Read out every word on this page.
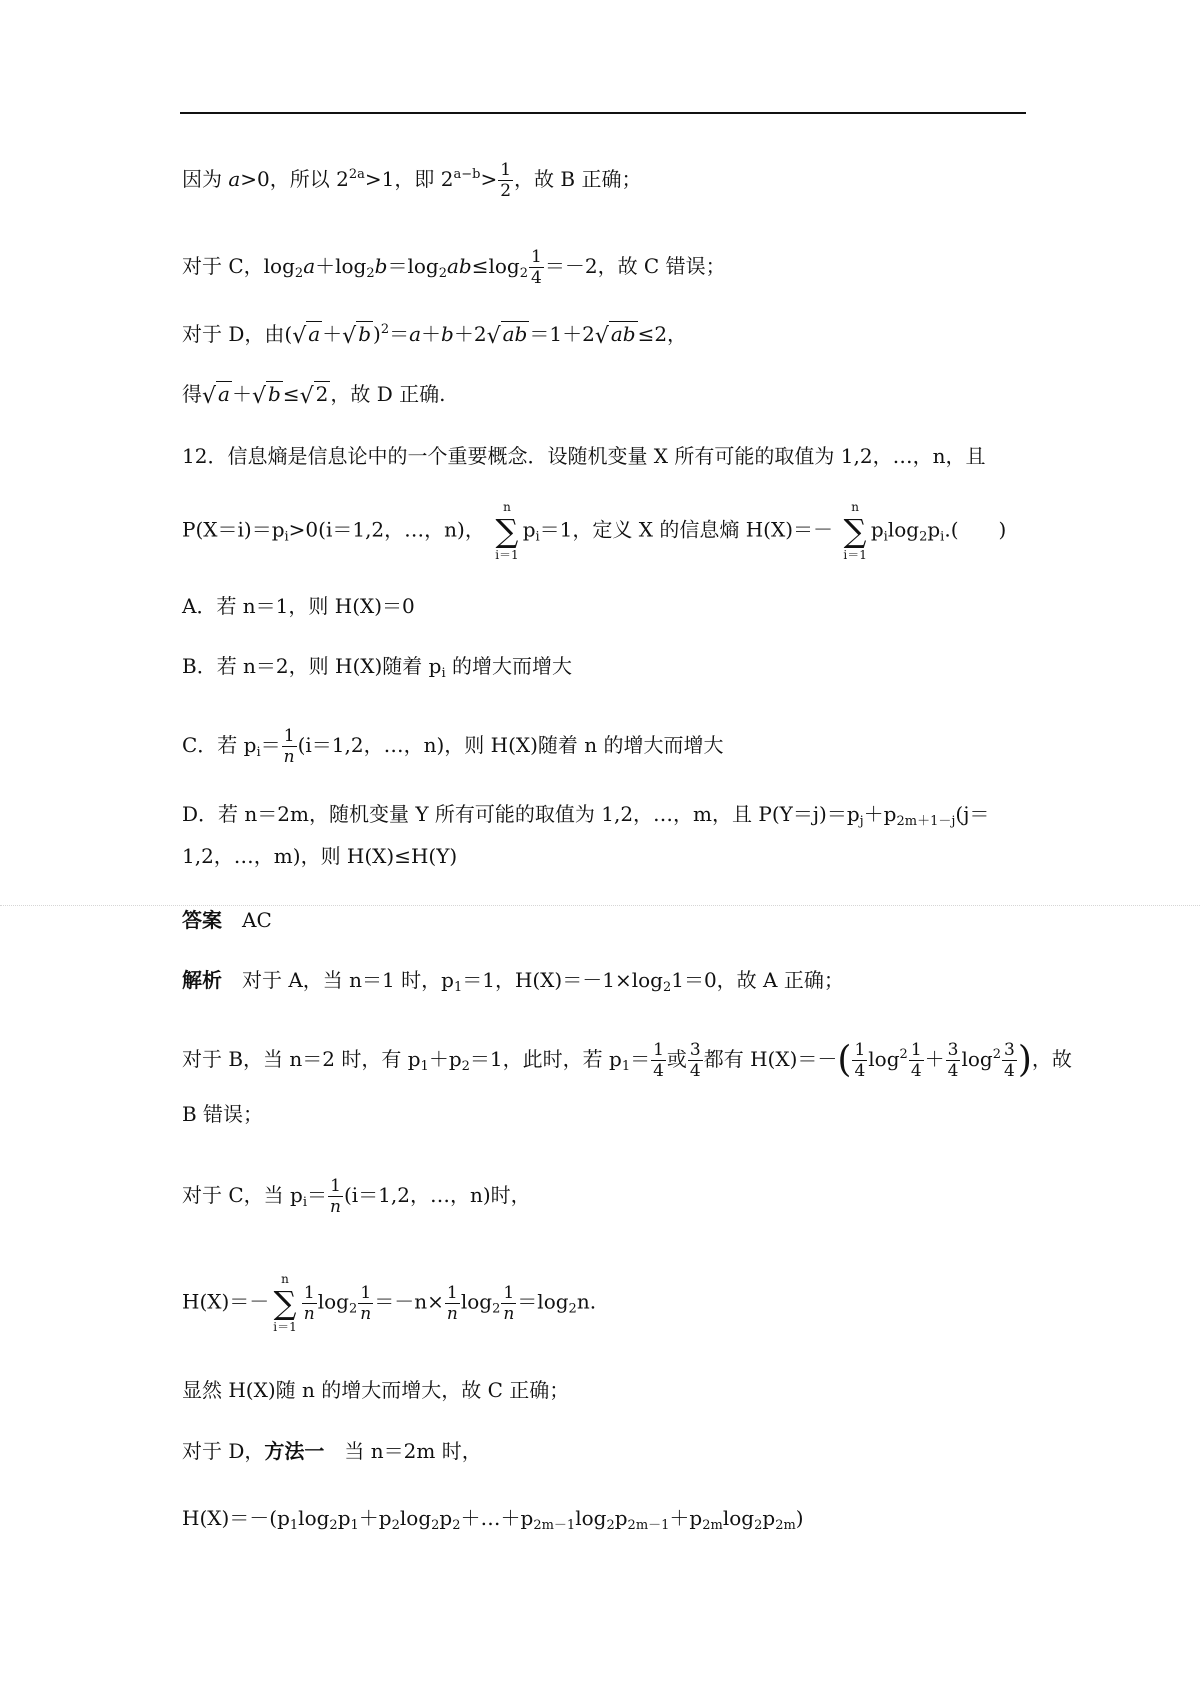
因为 a>0，所以 $2^{2a}>1$，即 $2^{a-b}> \frac{1}{2}$ ，故 B 正确；
对于 C，$\log_2a+\log_2b=\log_2ab\le\log_2 \frac{1}{4} =-2$，故 C 错误；
对于 D，由(√ a ＋√ b )$^2$＝a＋b＋2√ ab ＝1＋2√ ab ≤2，
得√ a ＋√ b ≤√ 2 ，故 D 正确.
12．信息熵是信息论中的一个重要概念．设随机变量 X 所有可能的取值为 1,2，…，n，且
$P(X=i)=p_i>0(i=1,2$，…，n)，
n
∑
i＝1
$p_i=1$，定义 X 的信息熵 H(X)＝－
n
∑
i＝1
$p_i\log_2p_i$.(　　)
A．若 n＝1，则 H(X)＝0
B．若 n＝2，则 H(X)随着 $p_i$ 的增大而增大
C．若 $p_i= \frac{1}{n} (i=1,2$，…，n)，则 H(X)随着 n 的增大而增大
D．若 n＝2m，随机变量 Y 所有可能的取值为 1,2，…，m，且 $P(Y=j)=p_j+p_{2m+1-j}(j=$
1,2，…，m)，则 H(X)≤H(Y)
答案　 AC
解析　 对于 A，当 n＝1 时，$p_1=1$，$H(X)=-1\times\log_21=0$，故 A 正确；
对于 B，当 n＝2 时，有 $p_1+p_2=1$，此时，若 $p_1= \frac{1}{4}$ 或 $\frac{3}{4}$ 都有 $H(X)=-( \frac{1}{4} \log^2 \frac{1}{4} + \frac{3}{4} \log^2 \frac{3}{4}$ )，故
B 错误；
对于 C，当 $p_i= \frac{1}{n} (i=1,2$，…，n)时，
H(X)＝－
n
∑
i＝1
$\frac{1}{n} \log_2 \frac{1}{n} =-n\times \frac{1}{n} \log_2 \frac{1}{n} =\log_2n$.
显然 H(X)随 n 的增大而增大，故 C 正确；
对于 D，方法一　当 n＝2m 时，
$H(X)=-(p_1\log_2p_1+p_2\log_2p_2+\dots+p_{2m-1}\log_2p_{2m-1}+p_{2m}\log_2p_{2m})$
